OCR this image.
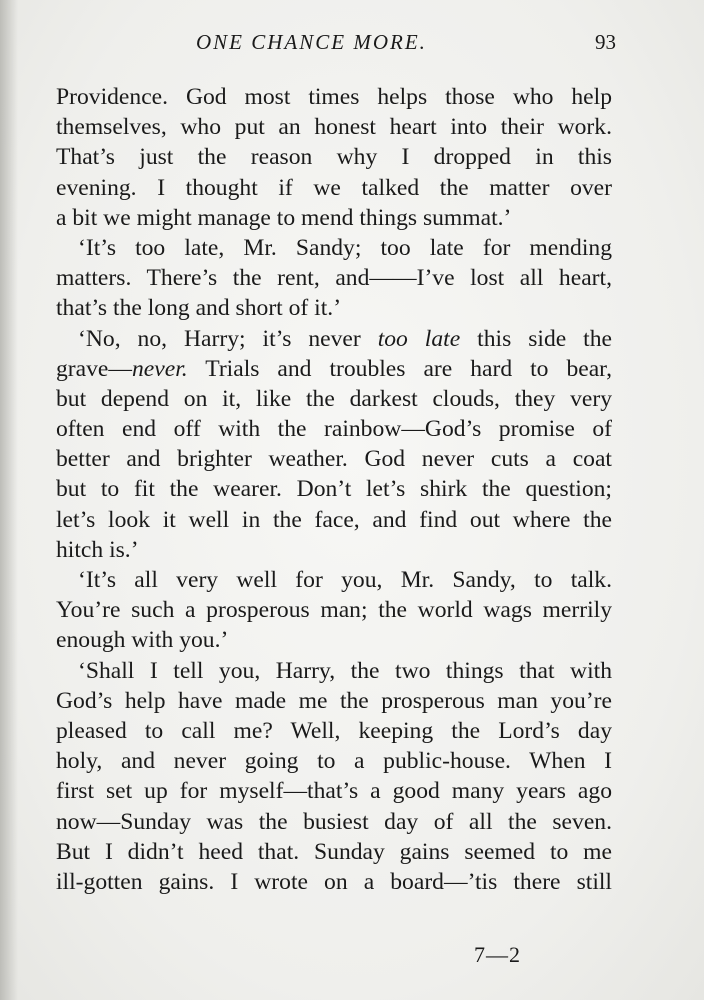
ONE CHANCE MORE.	93
Providence. God most times helps those who help
themselves, who put an honest heart into their work.
That’s just the reason why I dropped in this
evening. I thought if we talked the matter over
a bit we might manage to mend things summat.’
‘It’s too late, Mr. Sandy; too late for mending
matters. There’s the rent, and——I’ve lost all heart,
that’s the long and short of it.’
‘No, no, Harry; it’s never too late this side the
grave—never. Trials and troubles are hard to bear,
but depend on it, like the darkest clouds, they very
often end off with the rainbow—God’s promise of
better and brighter weather. God never cuts a coat
but to fit the wearer. Don’t let’s shirk the question;
let’s look it well in the face, and find out where the
hitch is.’
‘It’s all very well for you, Mr. Sandy, to talk.
You’re such a prosperous man; the world wags merrily
enough with you.’
‘Shall I tell you, Harry, the two things that with
God’s help have made me the prosperous man you’re
pleased to call me? Well, keeping the Lord’s day
holy, and never going to a public-house. When I
first set up for myself—that’s a good many years ago
now—Sunday was the busiest day of all the seven.
But I didn’t heed that. Sunday gains seemed to me
ill-gotten gains. I wrote on a board—’tis there still
7—2
